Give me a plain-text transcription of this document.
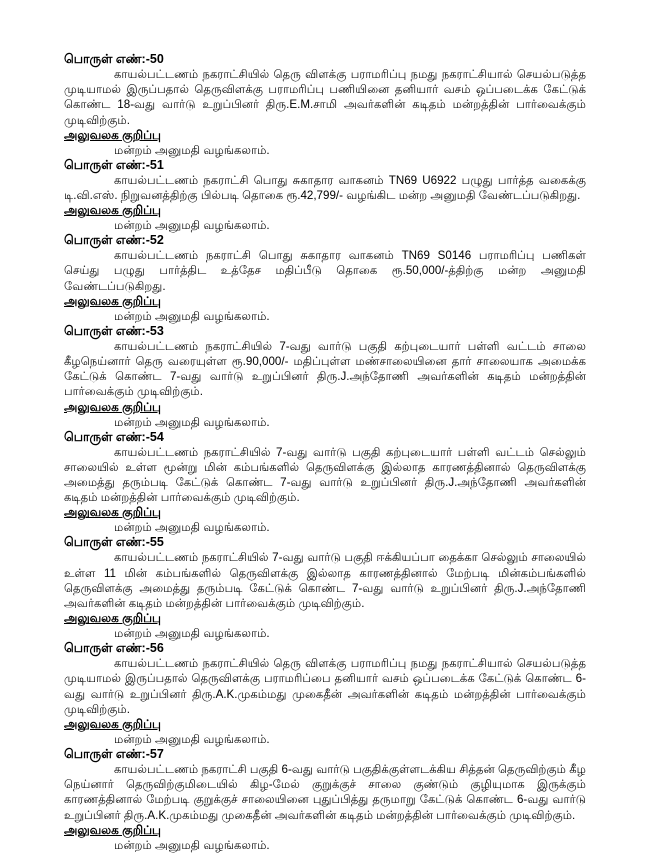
பொருள் எண்:-50

காயல்பட்டணம் நகராட்சியில் தெரு விளக்கு பராமரிப்பு நமது நகராட்சியால் செயல்படுத்த முடியாமல் இருப்பதால் தெருவிளக்கு பராமரிப்பு பணியினை தனியார் வசம் ஒப்படைக்க கேட்டுக் கொண்ட 18-வது வார்டு உறுப்பினர் திரு.E.M.சாமி அவர்களின் கடிதம் மன்றத்தின் பார்வைக்கும் முடிவிற்கும்.

அலுவலக குறிப்பு

மன்றம் அனுமதி வழங்கலாம்.

பொருள் எண்:-51

காயல்பட்டணம் நகராட்சி பொது சுகாதார வாகனம் TN69 U6922 பழுது பார்த்த வகைக்கு டி.வி.எஸ். நிறுவனத்திற்கு பில்படி தொகை ரூ.42,799/- வழங்கிட மன்ற அனுமதி வேண்டப்படுகிறது.

அலுவலக குறிப்பு

மன்றம் அனுமதி வழங்கலாம்.

பொருள் எண்:-52

காயல்பட்டணம் நகராட்சி பொது சுகாதார வாகனம் TN69 S0146 பராமரிப்பு பணிகள் செய்து பழுது பார்த்திட உத்தேச மதிப்பீடு தொகை ரூ.50,000/-த்திற்கு மன்ற அனுமதி வேண்டப்படுகிறது.

அலுவலக குறிப்பு

மன்றம் அனுமதி வழங்கலாம்.

பொருள் எண்:-53

காயல்பட்டணம் நகராட்சியில் 7-வது வார்டு பகுதி கற்புடையார் பள்ளி வட்டம் சாலை கீழநெய்னார் தெரு வரையுள்ள ரூ.90,000/- மதிப்புள்ள மண்சாலையினை தார் சாலையாக அமைக்க கேட்டுக் கொண்ட 7-வது வார்டு உறுப்பினர் திரு.J.அந்தோணி அவர்களின் கடிதம் மன்றத்தின் பார்வைக்கும் முடிவிற்கும்.

அலுவலக குறிப்பு

மன்றம் அனுமதி வழங்கலாம்.

பொருள் எண்:-54

காயல்பட்டணம் நகராட்சியில் 7-வது வார்டு பகுதி கற்புடையார் பள்ளி வட்டம் செல்லும் சாலையில் உள்ள மூன்று மின் கம்பங்களில் தெருவிளக்கு இல்லாத காரணத்தினால் தெருவிளக்கு அமைத்து தரும்படி கேட்டுக் கொண்ட 7-வது வார்டு உறுப்பினர் திரு.J.அந்தோணி அவர்களின் கடிதம் மன்றத்தின் பார்வைக்கும் முடிவிற்கும்.

அலுவலக குறிப்பு

மன்றம் அனுமதி வழங்கலாம்.

பொருள் எண்:-55

காயல்பட்டணம் நகராட்சியில் 7-வது வார்டு பகுதி ஈக்கியப்பா தைக்கா செல்லும் சாலையில் உள்ள 11 மின் கம்பங்களில் தெருவிளக்கு இல்லாத காரணத்தினால் மேற்படி மின்கம்பங்களில் தெருவிளக்கு அமைத்து தரும்படி கேட்டுக் கொண்ட 7-வது வார்டு உறுப்பினர் திரு.J.அந்தோணி அவர்களின் கடிதம் மன்றத்தின் பார்வைக்கும் முடிவிற்கும்.

அலுவலக குறிப்பு

மன்றம் அனுமதி வழங்கலாம்.

பொருள் எண்:-56

காயல்பட்டணம் நகராட்சியில் தெரு விளக்கு பராமரிப்பு நமது நகராட்சியால் செயல்படுத்த முடியாமல் இருப்பதால் தெருவிளக்கு பராமரிப்பை தனியார் வசம் ஒப்படைக்க கேட்டுக் கொண்ட 6-வது வார்டு உறுப்பினர் திரு.A.K.முகம்மது முகைதீன் அவர்களின் கடிதம் மன்றத்தின் பார்வைக்கும் முடிவிற்கும்.

அலுவலக குறிப்பு

மன்றம் அனுமதி வழங்கலாம்.

பொருள் எண்:-57

காயல்பட்டணம் நகராட்சி பகுதி 6-வது வார்டு பகுதிக்குள்ளடக்கிய சித்தன் தெருவிற்கும் கீழ நெய்னார் தெருவிற்குமிடையில் கிழ-மேல் குறுக்குச் சாலை குண்டும் குழியுமாக இருக்கும் காரணத்தினால் மேற்படி குறுக்குச் சாலையினை புதுப்பித்து தருமாறு கேட்டுக் கொண்ட 6-வது வார்டு உறுப்பினர் திரு.A.K.முகம்மது முகைதீன் அவர்களின் கடிதம் மன்றத்தின் பார்வைக்கும் முடிவிற்கும்.

அலுவலக குறிப்பு

மன்றம் அனுமதி வழங்கலாம்.
